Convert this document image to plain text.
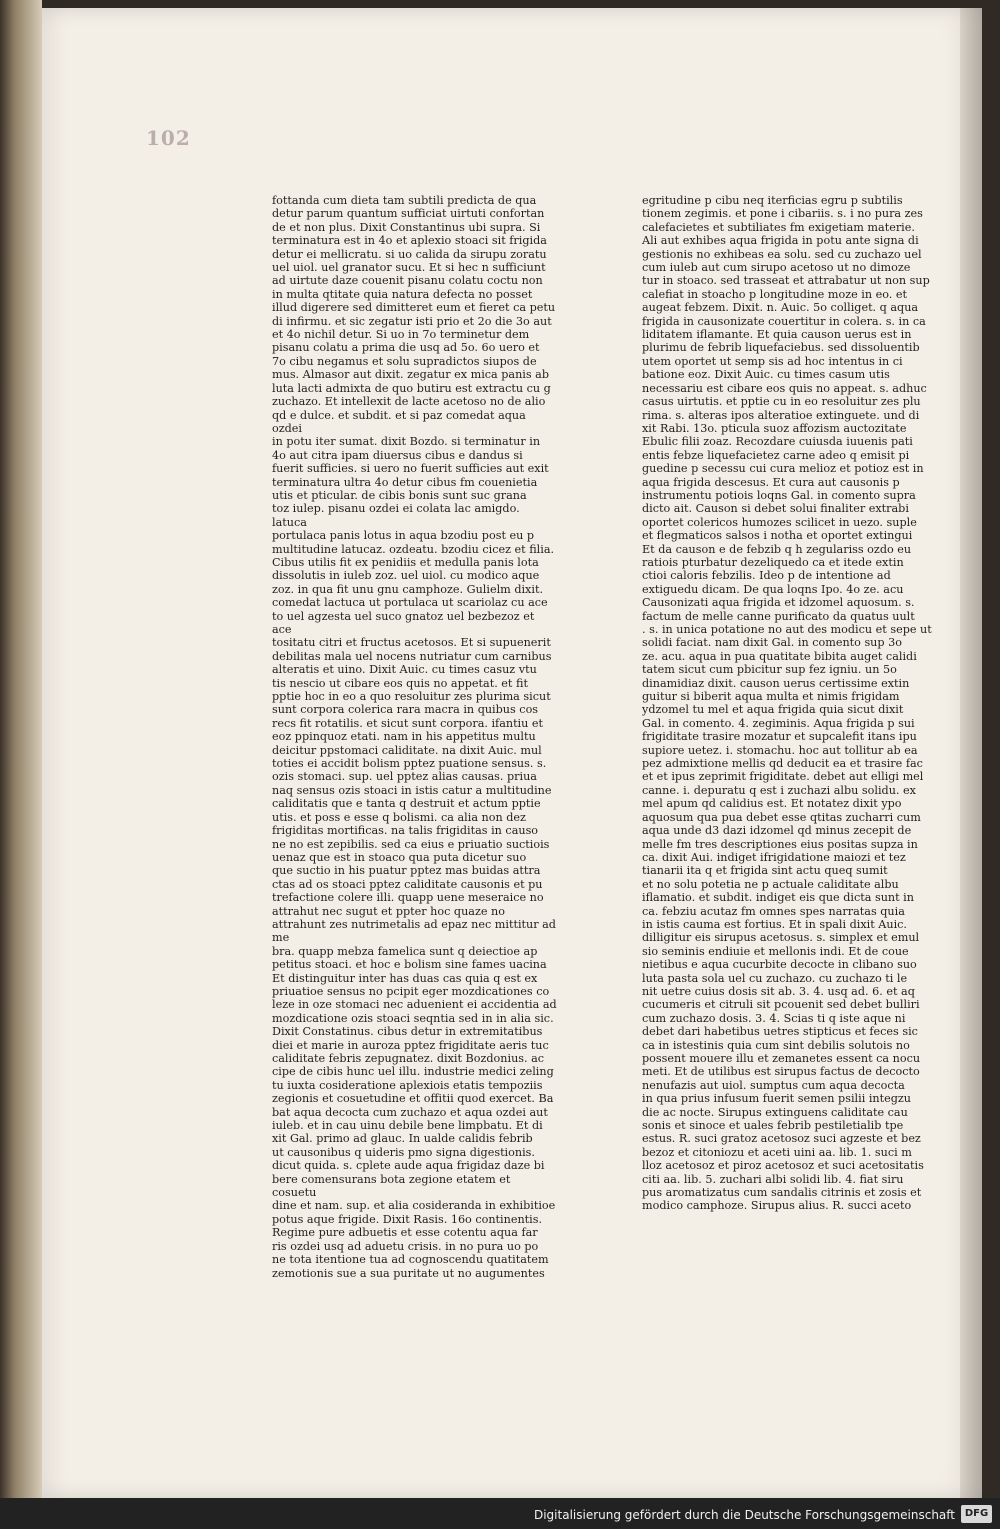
102
fottanda cum dieta tam subtili predicta de qua
detur parum quantum sufficiat uirtuti confortan
de et non plus. Dixit Constantinus ubi supra. Si
terminatura est in 4o et aplexio stoaci sit frigida
detur ei mellicratu. si uo calida da sirupu zoratu
uel uiol. uel granator sucu. Et si hec n sufficiunt
ad uirtute daze couenit pisanu colatu coctu non
in multa qtitate quia natura defecta no posset
illud digerere sed dimitteret eum et fieret ca petu
di infirmu. et sic zegatur isti prio et 2o die 3o aut
et 4o nichil detur. Si uo in 7o terminetur dem
pisanu colatu a prima die usq ad 5o. 6o uero et
7o cibu negamus et solu supradictos siupos de
mus. Almasor aut dixit. zegatur ex mica panis ab
luta lacti admixta de quo butiru est extractu cu g
zuchazo. Et intellexit de lacte acetoso no de alio
qd e dulce. et subdit. et si paz comedat aqua ozdei
in potu iter sumat. dixit Bozdo. si terminatur in
4o aut citra ipam diuersus cibus e dandus si
fuerit sufficies. si uero no fuerit sufficies aut exit
terminatura ultra 4o detur cibus fm couenietia
utis et pticular. de cibis bonis sunt suc grana
toz iulep. pisanu ozdei ei colata lac amigdo. latuca
portulaca panis lotus in aqua bzodiu post eu p
multitudine latucaz. ozdeatu. bzodiu cicez et filia.
Cibus utilis fit ex penidiis et medulla panis lota
dissolutis in iuleb zoz. uel uiol. cu modico aque
zoz. in qua fit unu gnu camphoze. Gulielm dixit.
comedat lactuca ut portulaca ut scariolaz cu ace
to uel agzesta uel suco gnatoz uel bezbezoz et ace
tositatu citri et fructus acetosos. Et si supuenerit
debilitas mala uel nocens nutriatur cum carnibus
alteratis et uino. Dixit Auic. cu times casuz vtu
tis nescio ut cibare eos quis no appetat. et fit
pptie hoc in eo a quo resoluitur zes plurima sicut
sunt corpora colerica rara macra in quibus cos
recs fit rotatilis. et sicut sunt corpora. ifantiu et
eoz ppinquoz etati. nam in his appetitus multu
deicitur ppstomaci caliditate. na dixit Auic. mul
toties ei accidit bolism pptez puatione sensus. s.
ozis stomaci. sup. uel pptez alias causas. priua
naq sensus ozis stoaci in istis catur a multitudine
caliditatis que e tanta q destruit et actum pptie
utis. et poss e esse q bolismi. ca alia non dez
frigiditas mortificas. na talis frigiditas in causo
ne no est zepibilis. sed ca eius e priuatio suctiois
uenaz que est in stoaco qua puta dicetur suo
que suctio in his puatur pptez mas buidas attra
ctas ad os stoaci pptez caliditate causonis et pu
trefactione colere illi. quapp uene meseraice no
attrahut nec sugut et ppter hoc quaze no
attrahunt zes nutrimetalis ad epaz nec mittitur ad me
bra. quapp mebza famelica sunt q deiectioe ap
petitus stoaci. et hoc e bolism sine fames uacina
Et distinguitur inter has duas cas quia q est ex
priuatioe sensus no pcipit eger mozdicationes co
leze in oze stomaci nec aduenient ei accidentia ad
mozdicatione ozis stoaci seqntia sed in in alia sic.
Dixit Constatinus. cibus detur in extremitatibus
diei et marie in auroza pptez frigiditate aeris tuc
caliditate febris zepugnatez. dixit Bozdonius. ac
cipe de cibis hunc uel illu. industrie medici zeling
tu iuxta cosideratione aplexiois etatis tempoziis
zegionis et cosuetudine et offitii quod exercet. Ba
bat aqua decocta cum zuchazo et aqua ozdei aut
iuleb. et in cau uinu debile bene limpbatu. Et di
xit Gal. primo ad glauc. In ualde calidis febrib
ut causonibus q uideris pmo signa digestionis.
dicut quida. s. cplete aude aqua frigidaz daze bi
bere comensurans bota zegione etatem et cosuetu
dine et nam. sup. et alia cosideranda in exhibitioe
potus aque frigide. Dixit Rasis. 16o continentis.
Regime pure adbuetis et esse cotentu aqua far
ris ozdei usq ad aduetu crisis. in no pura uo po
ne tota itentione tua ad cognoscendu quatitatem
zemotionis sue a sua puritate ut no augumentes
egritudine p cibu neq iterficias egru p subtilis
tionem zegimis. et pone i cibariis. s. i no pura zes
calefacietes et subtiliates fm exigetiam materie.
Ali aut exhibes aqua frigida in potu ante signa di
gestionis no exhibeas ea solu. sed cu zuchazo uel
cum iuleb aut cum sirupo acetoso ut no dimoze
tur in stoaco. sed trasseat et attrabatur ut non sup
calefiat in stoacho p longitudine moze in eo. et
augeat febzem. Dixit. n. Auic. 5o colliget. q aqua
frigida in causonizate couertitur in colera. s. in ca
liditatem iflamante. Et quia causon uerus est in
plurimu de febrib liquefaciebus. sed dissoluentib
utem oportet ut semp sis ad hoc intentus in ci
batione eoz. Dixit Auic. cu times casum utis
necessariu est cibare eos quis no appeat. s. adhuc
casus uirtutis. et pptie cu in eo resoluitur zes plu
rima. s. alteras ipos alteratioe extinguete. und di
xit Rabi. 13o. pticula suoz affozism auctozitate
Ebulic filii zoaz. Recozdare cuiusda iuuenis pati
entis febze liquefacietez carne adeo q emisit pi
guedine p secessu cui cura melioz et potioz est in
aqua frigida descesus. Et cura aut causonis p
instrumentu potiois loqns Gal. in comento supra
dicto ait. Causon si debet solui finaliter extrabi
oportet colericos humozes scilicet in uezo. suple
et flegmaticos salsos i notha et oportet extingui
Et da causon e de febzib q h zegulariss ozdo eu
ratiois pturbatur dezeliquedo ca et itede extin
ctioi caloris febzilis. Ideo p de intentione ad
extiguedu dicam. De qua loqns Ipo. 4o ze. acu
Causonizati aqua frigida et idzomel aquosum. s.
factum de melle canne purificato da quatus uult
. s. in unica potatione no aut des modicu et sepe ut
solidi faciat. nam dixit Gal. in comento sup 3o
ze. acu. aqua in pua quatitate bibita auget calidi
tatem sicut cum pbicitur sup fez igniu. un 5o
dinamidiaz dixit. causon uerus certissime extin
guitur si biberit aqua multa et nimis frigidam
ydzomel tu mel et aqua frigida quia sicut dixit
Gal. in comento. 4. zegiminis. Aqua frigida p sui
frigiditate trasire mozatur et supcalefit itans ipu
supiore uetez. i. stomachu. hoc aut tollitur ab ea
pez admixtione mellis qd deducit ea et trasire fac
et et ipus zeprimit frigiditate. debet aut elligi mel
canne. i. depuratu q est i zuchazi albu solidu. ex
mel apum qd calidius est. Et notatez dixit ypo
aquosum qua pua debet esse qtitas zucharri cum
aqua unde d3 dazi idzomel qd minus zecepit de
melle fm tres descriptiones eius positas supza in
ca. dixit Aui. indiget ifrigidatione maiozi et tez
tianarii ita q et frigida sint actu queq sumit
et no solu potetia ne p actuale caliditate albu
iflamatio. et subdit. indiget eis que dicta sunt in
ca. febziu acutaz fm omnes spes narratas quia
in istis cauma est fortius. Et in spali dixit Auic.
dilligitur eis sirupus acetosus. s. simplex et emul
sio seminis endiuie et mellonis indi. Et de coue
nietibus e aqua cucurbite decocte in clibano suo
luta pasta sola uel cu zuchazo. cu zuchazo ti le
nit uetre cuius dosis sit ab. 3. 4. usq ad. 6. et aq
cucumeris et citruli sit pcouenit sed debet bulliri
cum zuchazo dosis. 3. 4. Scias ti q iste aque ni
debet dari habetibus uetres stipticus et feces sic
ca in istestinis quia cum sint debilis solutois no
possent mouere illu et zemanetes essent ca nocu
meti. Et de utilibus est sirupus factus de decocto
nenufazis aut uiol. sumptus cum aqua decocta
in qua prius infusum fuerit semen psilii integzu
die ac nocte. Sirupus extinguens caliditate cau
sonis et sinoce et uales febrib pestiletialib tpe
estus. R. suci gratoz acetosoz suci agzeste et bez
bezoz et citoniozu et aceti uini aa. lib. 1. suci m
lloz acetosoz et piroz acetosoz et suci acetositatis
citi aa. lib. 5. zuchari albi solidi lib. 4. fiat siru
pus aromatizatus cum sandalis citrinis et zosis et
modico camphoze. Sirupus alius. R. succi aceto
Digitalisierung gefördert durch die Deutsche Forschungsgemeinschaft DFG
